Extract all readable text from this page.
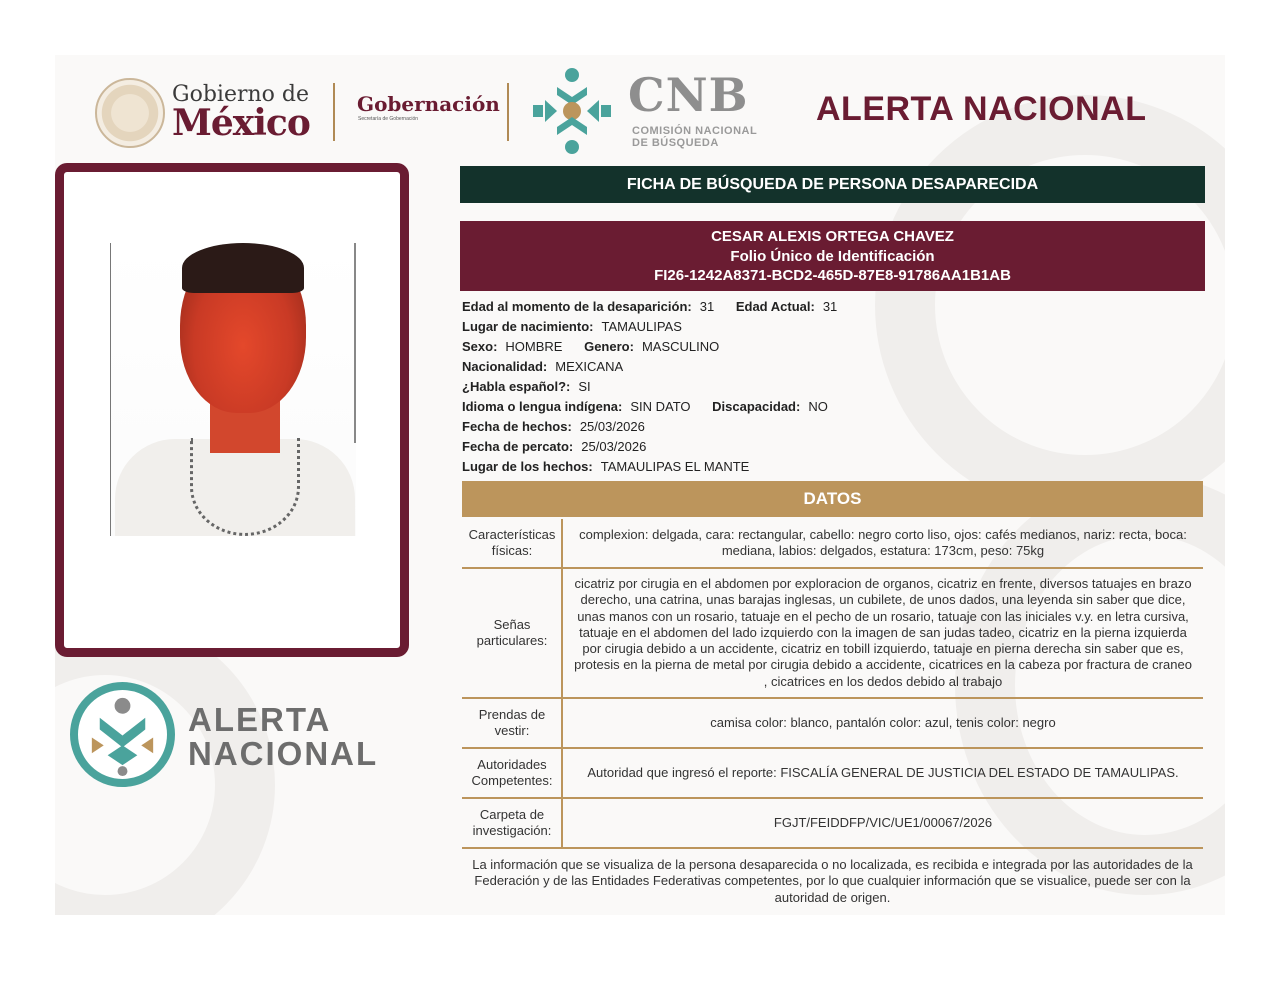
Gobierno de
México Gobernación
Secretaría de Gobernación	CNB
COMISIÓN NACIONAL
DE BÚSQUEDA
ALERTA NACIONAL
ALERTA
NACIONAL
FICHA DE BÚSQUEDA DE PERSONA DESAPARECIDA
CESAR ALEXIS ORTEGA CHAVEZ
Folio Único de Identificación
FI26-1242A8371-BCD2-465D-87E8-91786AA1B1AB
Edad al momento de la desaparición: 31 Edad Actual: 31
Lugar de nacimiento: TAMAULIPAS
Sexo: HOMBRE Genero: MASCULINO
Nacionalidad: MEXICANA
¿Habla español?: SI
Idioma o lengua indígena: SIN DATO Discapacidad: NO
Fecha de hechos: 25/03/2026
Fecha de percato: 25/03/2026
Lugar de los hechos: TAMAULIPAS EL MANTE
DATOS
Características físicas:
complexion: delgada, cara: rectangular, cabello: negro corto liso, ojos: cafés medianos, nariz: recta, boca: mediana, labios: delgados, estatura: 173cm, peso: 75kg
Señas particulares:
cicatriz por cirugia en el abdomen por exploracion de organos, cicatriz en frente, diversos tatuajes en brazo derecho, una catrina, unas barajas inglesas, un cubilete, de unos dados, una leyenda sin saber que dice, unas manos con un rosario, tatuaje en el pecho de un rosario, tatuaje con las iniciales v.y. en letra cursiva, tatuaje en el abdomen del lado izquierdo con la imagen de san judas tadeo, cicatriz en la pierna izquierda por cirugia debido a un accidente, cicatriz en tobill izquierdo, tatuaje en pierna derecha sin saber que es, protesis en la pierna de metal por cirugia debido a accidente, cicatrices en la cabeza por fractura de craneo , cicatrices en los dedos debido al trabajo
Prendas de vestir:
camisa color: blanco, pantalón color: azul, tenis color: negro
Autoridades Competentes:
Autoridad que ingresó el reporte: FISCALÍA GENERAL DE JUSTICIA DEL ESTADO DE TAMAULIPAS.
Carpeta de investigación:
FGJT/FEIDDFP/VIC/UE1/00067/2026
La información que se visualiza de la persona desaparecida o no localizada, es recibida e integrada por las autoridades de la Federación y de las Entidades Federativas competentes, por lo que cualquier información que se visualice, puede ser con la autoridad de origen.
